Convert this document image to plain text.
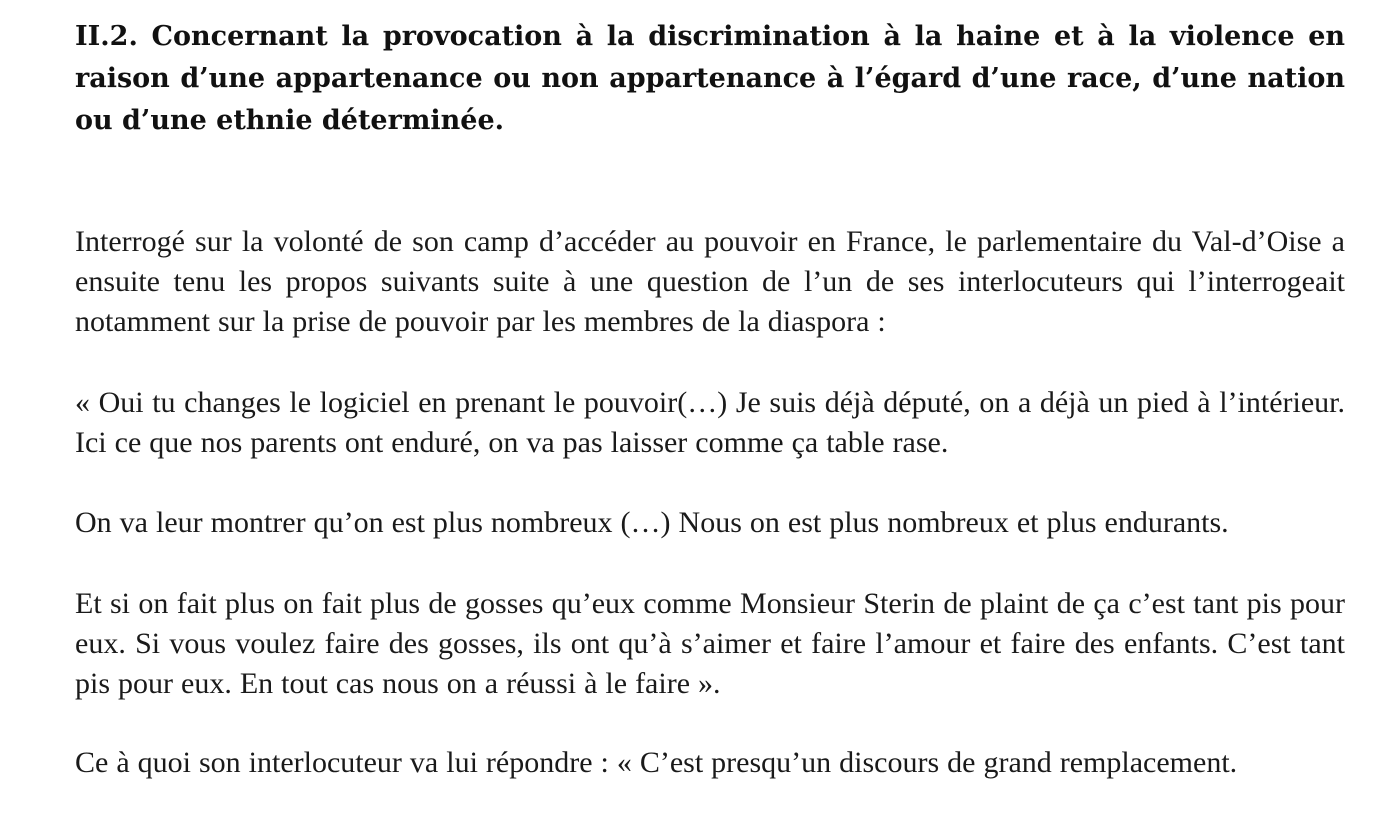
II.2. Concernant la provocation à la discrimination à la haine et à la violence en raison d’une appartenance ou non appartenance à l’égard d’une race, d’une nation ou d’une ethnie déterminée.

Interrogé sur la volonté de son camp d’accéder au pouvoir en France, le parlementaire du Val-d’Oise a ensuite tenu les propos suivants suite à une question de l’un de ses interlocuteurs qui l’interrogeait notamment sur la prise de pouvoir par les membres de la diaspora :

« Oui tu changes le logiciel en prenant le pouvoir(…) Je suis déjà député, on a déjà un pied à l’intérieur. Ici ce que nos parents ont enduré, on va pas laisser comme ça table rase.

On va leur montrer qu’on est plus nombreux (…) Nous on est plus nombreux et plus endurants.

Et si on fait plus on fait plus de gosses qu’eux comme Monsieur Sterin de plaint de ça c’est tant pis pour eux. Si vous voulez faire des gosses, ils ont qu’à s’aimer et faire l’amour et faire des enfants. C’est tant pis pour eux. En tout cas nous on a réussi à le faire ».

Ce à quoi son interlocuteur va lui répondre : « C’est presqu’un discours de grand remplacement.
